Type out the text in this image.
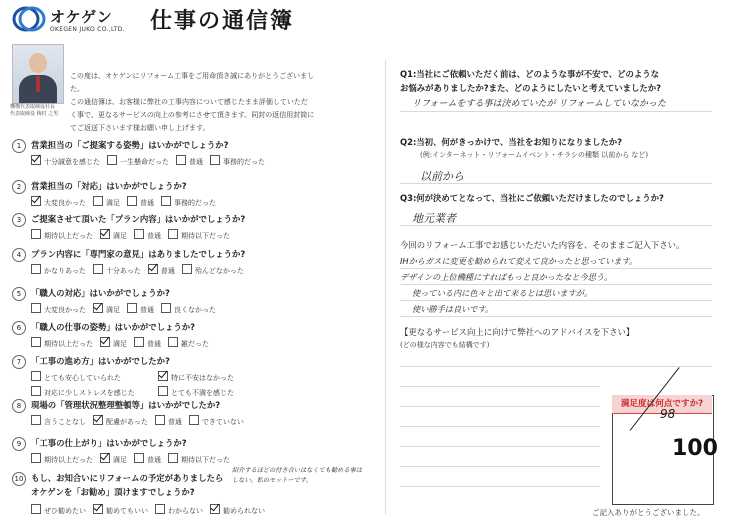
オケゲン
OKEGEN JUKO CO.,LTD. 仕事の通信簿
機構代表取締役社長
代表取締役 梅村 之男
この度は、オケゲンにリフォーム工事をご用命頂き誠にありがとうございました。
この通信簿は、お客様に弊社の工事内容について感じたまま評価していただ
く事で、更なるサービスの向上の参考にさせて頂きます。同封の返信用封筒に
てご返送下さいます様お願い申し上げます。
1 営業担当の「ご提案する姿勢」はいかがでしょうか?
十分誠意を感じた	一生懸命だった	普通	事務的だった
2 営業担当の「対応」はいかがでしょうか?
大変良かった	満足	普通	事務的だった
3 ご提案させて頂いた「プラン内容」はいかがでしょうか?
期待以上だった	満足	普通	期待以下だった
4 プラン内容に「専門家の意見」はありましたでしょうか?
かなりあった	十分あった	普通	殆んどなかった
5 「職人の対応」はいかがでしょうか?
大変良かった	満足	普通	良くなかった
6 「職人の仕事の姿勢」はいかがでしょうか?
期待以上だった	満足	普通	雑だった
7 「工事の進め方」はいかがでしたか?
とても安心していられた	特に不安はなかった
対応に少しストレスを感じた	とても不満を感じた
8 現場の「管理状況整理整頓等」はいかがでしたか?
言うことなし	配慮があった	普通	できていない
9 「工事の仕上がり」はいかがでしょうか?
期待以上だった	満足	普通	期待以下だった
10 もし、お知合いにリフォームの予定がありましたら
オケゲンを「お勧め」頂けますでしょうか?
ぜひ勧めたい	勧めてもいい	わからない	勧められない
紹介するほどの付き合いはなくても勧める事はしない。私のモットーです。
Q1:当社にご依頼いただく前は、どのような事が不安で、どのような
お悩みがありましたか?また、どのようにしたいと考えていましたか?
リフォームをする事は決めていたが リフォームしていなかった
Q2:当初、何がきっかけで、当社をお知りになりましたか?
(例:インターネット・リフォームイベント・チラシの種類 以前から など)
以前から
Q3:何が決めてとなって、当社にご依頼いただけましたのでしょうか?
地元業者
今回のリフォーム工事でお感じいただいた内容を、そのままご記入下さい。
IHからガスに変更を勧められて変えて良かったと思っています。
デザインの上位機種にすればもっと良かったなと今思う。
使っている内に色々と出て来るとは思いますが。
使い勝手は良いです。
【更なるサービス向上に向けて弊社へのアドバイスを下さい】
(どの様な内容でも結構です)
満足度は何点ですか?
98
100
ご記入ありがとうございました。
